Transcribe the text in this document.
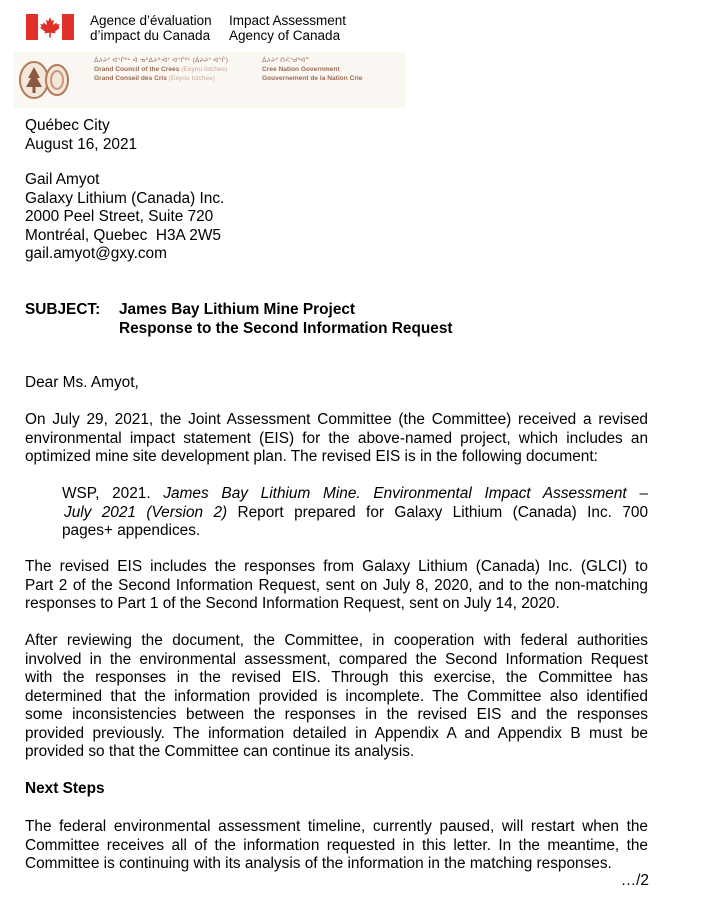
Agence d’évaluation
d’impact du Canada
Impact Assessment
Agency of Canada
ᐄᔨᔨᐤ ᐊᔅᒌᐦᒡ ᐋ ᓀᐦᐃᔨᐦᐧᐋᐤ ᐊᔅᒌᐦᒡ (ᐄᔨᔨᐤ ᐊᔅᒌ)
Grand Council of the Crees (Eeyou Istchee)
Grand Conseil des Cris (Eeyou Istchee)
ᐄᔨᔨᐤ ᑎᐹᔅᑯᐦᐊᓐ
Cree Nation Government
Gouvernement de la Nation Crie
Québec City
August 16, 2021
Gail Amyot
Galaxy Lithium (Canada) Inc.
2000 Peel Street, Suite 720
Montréal, Quebec  H3A 2W5
gail.amyot@gxy.com
SUBJECT: James Bay Lithium Mine Project
Response to the Second Information Request
Dear Ms. Amyot,
On July 29, 2021, the Joint Assessment Committee (the Committee) received a revised
environmental impact statement (EIS) for the above-named project, which includes an
optimized mine site development plan. The revised EIS is in the following document:
WSP, 2021. James Bay Lithium Mine. Environmental Impact Assessment –
July 2021 (Version 2) Report prepared for Galaxy Lithium (Canada) Inc. 700
pages+ appendices.
The revised EIS includes the responses from Galaxy Lithium (Canada) Inc. (GLCI) to
Part 2 of the Second Information Request, sent on July 8, 2020, and to the non-matching
responses to Part 1 of the Second Information Request, sent on July 14, 2020.
After reviewing the document, the Committee, in cooperation with federal authorities
involved in the environmental assessment, compared the Second Information Request
with the responses in the revised EIS. Through this exercise, the Committee has
determined that the information provided is incomplete. The Committee also identified
some inconsistencies between the responses in the revised EIS and the responses
provided previously. The information detailed in Appendix A and Appendix B must be
provided so that the Committee can continue its analysis.
Next Steps
The federal environmental assessment timeline, currently paused, will restart when the
Committee receives all of the information requested in this letter. In the meantime, the
Committee is continuing with its analysis of the information in the matching responses.
…/2
